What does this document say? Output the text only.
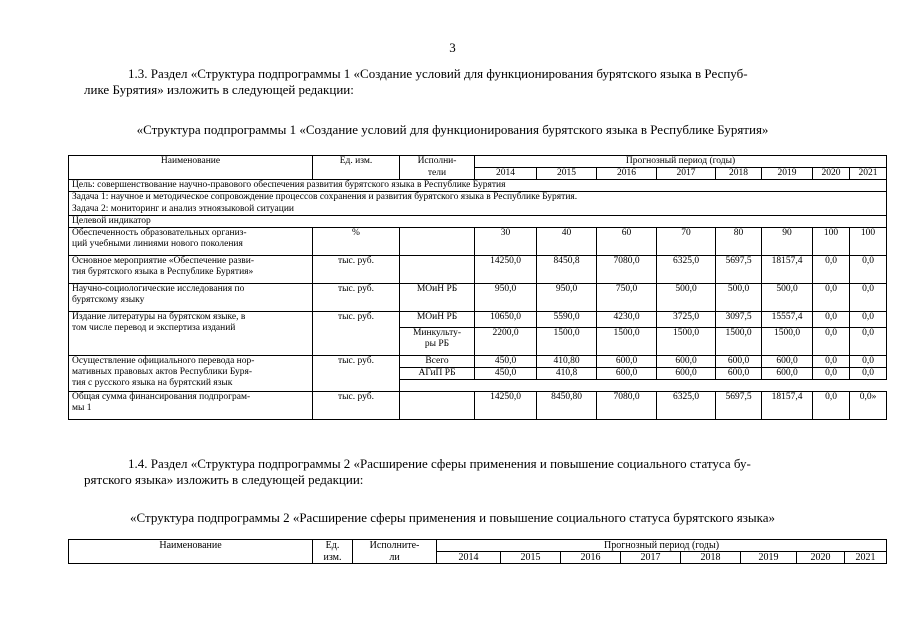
3
1.3. Раздел «Структура подпрограммы 1 «Создание условий для функционирования бурятского языка в Респуб-
лике Бурятия» изложить в следующей редакции:
«Структура подпрограммы 1 «Создание условий для функционирования бурятского языка в Республике Бурятия»
Наименование	Ед. изм.	Исполни-	Прогнозный период (годы)							
		тели	2014	2015	2016	2017	2018	2019	2020	2021
Цель: совершенствование научно-правового обеспечения развития бурятского языка в Республике Бурятия										
Задача 1: научное и методическое сопровождение процессов сохранения и развития бурятского языка в Республике Бурятия.										
Задача 2: мониторинг и анализ этноязыковой ситуации										
Целевой индикатор										

Обеспеченность образовательных организ-
ций учебными линиями нового поколения	%		30	40	60	70	80	90	100	100

Основное мероприятие «Обеспечение разви-
тия бурятского языка в Республике Бурятия»	тыс. руб.		14250,0	8450,8	7080,0	6325,0	5697,5	18157,4	0,0	0,0

Научно-социологические исследования по
бурятскому языку	тыс. руб.	МОиН РБ	950,0	950,0	750,0	500,0	500,0	500,0	0,0	0,0

Издание литературы на бурятском языке, в
том числе перевод и экспертиза изданий	тыс. руб.	МОиН РБ	10650,0	5590,0	4230,0	3725,0	3097,5	15557,4	0,0	0,0

		Минкульту-
ры РБ	2200,0	1500,0	1500,0	1500,0	1500,0	1500,0	0,0	0,0

Осуществление официального перевода нор-
мативных правовых актов Республики Буря-
тия с русского языка на бурятский язык	тыс. руб.	Всего	450,0	410,80	600,0	600,0	600,0	600,0	0,0	0,0
		АГиП РБ	450,0	410,8	600,0	600,0	600,0	600,0	0,0	0,0

Общая сумма финансирования подпрограм-
мы 1	тыс. руб.		14250,0	8450,80	7080,0	6325,0	5697,5	18157,4	0,0	0,0»
1.4. Раздел «Структура подпрограммы 2 «Расширение сферы применения и повышение социального статуса бу-
рятского языка» изложить в следующей редакции:
«Структура подпрограммы 2 «Расширение сферы применения и повышение социального статуса бурятского языка»
Наименование	Ед.	Исполните-	Прогнозный период (годы)							
	изм.	ли	2014	2015	2016	2017	2018	2019	2020	2021
